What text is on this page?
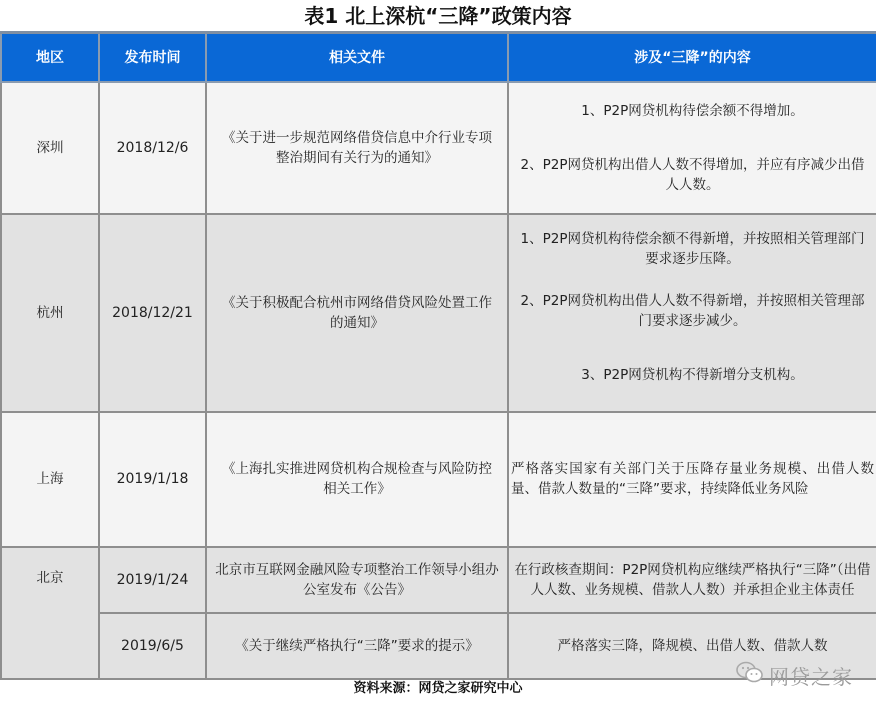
表1 北上深杭“三降”政策内容
地区	发布时间	相关文件	涉及“三降”的内容
深圳	2018/12/6	《关于进一步规范网络借贷信息中介行业专项整治期间有关行为的通知》	1、P2P网贷机构待偿余额不得增加。
2、P2P网贷机构出借人人数不得增加，并应有序减少出借人人数。

杭州	2018/12/21	《关于积极配合杭州市网络借贷风险处置工作的通知》	1、P2P网贷机构待偿余额不得新增，并按照相关管理部门要求逐步压降。
2、P2P网贷机构出借人人数不得新增，并按照相关管理部门要求逐步减少。
3、P2P网贷机构不得新增分支机构。

上海	2019/1/18	《上海扎实推进网贷机构合规检查与风险防控相关工作》	严格落实国家有关部门关于压降存量业务规模、出借人数量、借款人数量的“三降”要求，持续降低业务风险

北京	2019/1/24	北京市互联网金融风险专项整治工作领导小组办公室发布《公告》	在行政核查期间：P2P网贷机构应继续严格执行“三降”（出借人人数、业务规模、借款人人数）并承担企业主体责任

	2019/6/5	《关于继续严格执行“三降”要求的提示》	严格落实三降，降规模、出借人数、借款人数
资料来源：网贷之家研究中心	网贷之家
